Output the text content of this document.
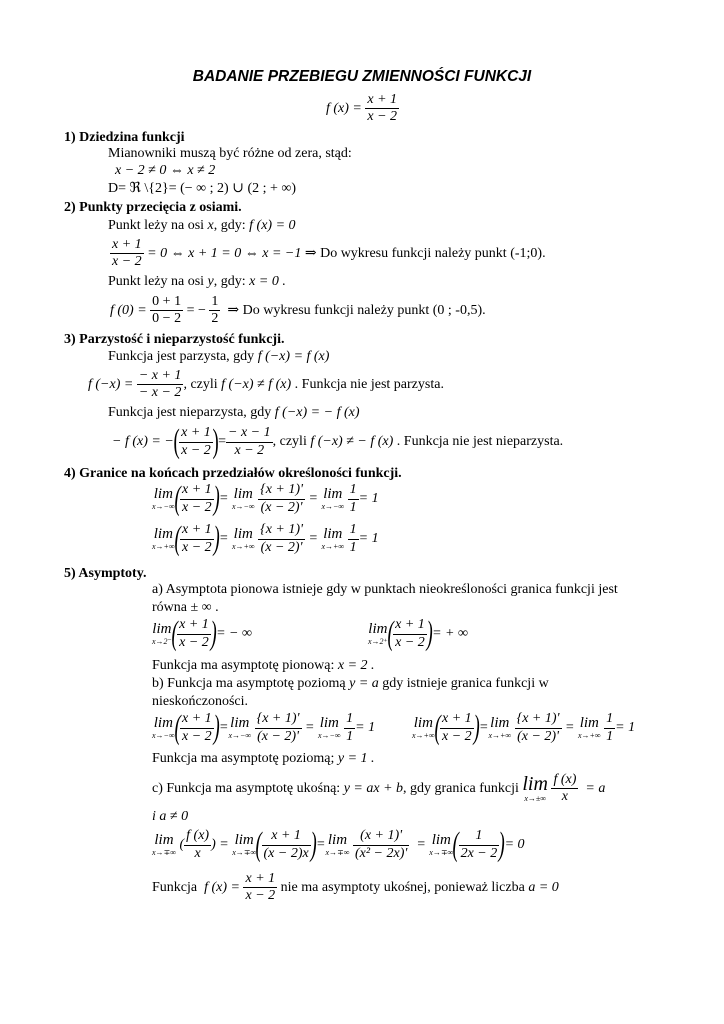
BADANIE PRZEBIEGU ZMIENNOŚCI FUNKCJI
f $(x) = \frac{x + 1}{x - 2}$
1) Dziedzina funkcji
Mianowniki muszą być różne od zera, stąd:
x − 2 ≠ 0 ⇔ x ≠ 2
D= ℜ \{2}= (− ∞ ; 2) ∪ (2 ; + ∞)
2) Punkty przecięcia z osiami.
Punkt leży na osi x, gdy: f (x) = 0
$\frac{x + 1}{x - 2} = 0$ ⇔ x + 1 = 0 ⇔ x = −1 ⇒ Do wykresu funkcji należy punkt (-1;0).
Punkt leży na osi y, gdy: x = 0 .
f $(0) = \frac{0 + 1}{0 - 2}$ = − $\frac{1}{2}$ ⇒ Do wykresu funkcji należy punkt (0 ; -0,5).
3) Parzystość i nieparzystość funkcji.
Funkcja jest parzysta, gdy f (−x) = f (x)
f $(-x) = \frac{- x + 1}{- x - 2}$ , czyli f (−x) ≠ f (x) . Funkcja nie jest parzysta.
Funkcja jest nieparzysta, gdy f (−x) = − f (x)
− f (x) = −( $\frac{x + 1}{x - 2}$ )= $\frac{- x - 1}{x - 2}$ , czyli f (−x) ≠ − f (x) . Funkcja nie jest nieparzysta.
4) Granice na końcach przedziałów określoności funkcji.
lim
x→−∞ ( $\frac{x + 1}{x - 2}$ )= lim
x→−∞
$\frac{\{x + 1)'}{(x - 2)'} = \lim$
x→−∞
$\frac{1}{1} = 1$
lim
x→+∞ ( $\frac{x + 1}{x - 2}$ )= lim
x→+∞
$\frac{\{x + 1)'}{(x - 2)'} = \lim$
x→+∞
$\frac{1}{1} = 1$
5) Asymptoty.
a) Asymptota pionowa istnieje gdy w punktach nieokreśloności granica funkcji jest
równa ± ∞ .
lim
x→2⁻ ( $\frac{x + 1}{x - 2}$ )= − ∞	lim
x→2⁺ ( $\frac{x + 1}{x - 2}$ )= + ∞
Funkcja ma asymptotę pionową: x = 2 .
b) Funkcja ma asymptotę poziomą y = a gdy istnieje granica funkcji w
nieskończoności.
lim
x→−∞ ( $\frac{x + 1}{x - 2}$ )= lim
x→−∞
$\frac{\{x + 1)'}{(x - 2)'} = \lim$
x→−∞
$\frac{1}{1} = 1$	lim
x→+∞ ( $\frac{x + 1}{x - 2}$ )= lim
x→+∞
$\frac{\{x + 1)'}{(x - 2)'} = \lim$
x→+∞
$\frac{1}{1} = 1$
Funkcja ma asymptotę poziomą; y = 1 .
c) Funkcja ma asymptotę ukośną: y = ax + b, gdy granica funkcji lim
x→±∞
$\frac{f (x)}{x} = a$
i a ≠ 0
lim
x→∓∞
( $\frac{f (x)}{x}$ ) = lim
x→∓∞ ( $\frac{x + 1}{(x - 2)x}$ )= lim
x→∓∞
$\frac{(x + 1)'}{\text{(x² − 2x)'}} = \lim$
x→∓∞ ( $\frac{1}{2x - 2}$ )= 0
Funkcja f $(x) = \frac{x + 1}{x - 2}$ nie ma asymptoty ukośnej, ponieważ liczba a = 0
